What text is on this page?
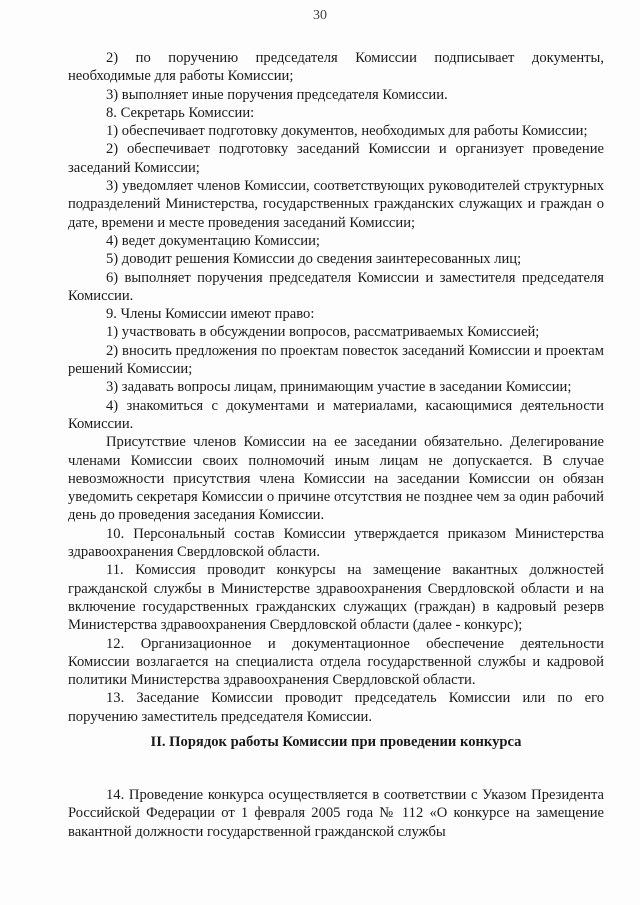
30

2) по поручению председателя Комиссии подписывает документы, необходимые для работы Комиссии;

3) выполняет иные поручения председателя Комиссии.

8. Секретарь Комиссии:

1) обеспечивает подготовку документов, необходимых для работы Комиссии;

2) обеспечивает подготовку заседаний Комиссии и организует проведение заседаний Комиссии;

3) уведомляет членов Комиссии, соответствующих руководителей структурных подразделений Министерства, государственных гражданских служащих и граждан о дате, времени и месте проведения заседаний Комиссии;

4) ведет документацию Комиссии;

5) доводит решения Комиссии до сведения заинтересованных лиц;

6) выполняет поручения председателя Комиссии и заместителя председателя Комиссии.

9. Члены Комиссии имеют право:

1) участвовать в обсуждении вопросов, рассматриваемых Комиссией;

2) вносить предложения по проектам повесток заседаний Комиссии и проектам решений Комиссии;

3) задавать вопросы лицам, принимающим участие в заседании Комиссии;

4) знакомиться с документами и материалами, касающимися деятельности Комиссии.

Присутствие членов Комиссии на ее заседании обязательно. Делегирование членами Комиссии своих полномочий иным лицам не допускается. В случае невозможности присутствия члена Комиссии на заседании Комиссии он обязан уведомить секретаря Комиссии о причине отсутствия не позднее чем за один рабочий день до проведения заседания Комиссии.

10. Персональный состав Комиссии утверждается приказом Министерства здравоохранения Свердловской области.

11. Комиссия проводит конкурсы на замещение вакантных должностей гражданской службы в Министерстве здравоохранения Свердловской области и на включение государственных гражданских служащих (граждан) в кадровый резерв Министерства здравоохранения Свердловской области (далее - конкурс);

12. Организационное и документационное обеспечение деятельности Комиссии возлагается на специалиста отдела государственной службы и кадровой политики Министерства здравоохранения Свердловской области.

13. Заседание Комиссии проводит председатель Комиссии или по его поручению заместитель председателя Комиссии.

II. Порядок работы Комиссии при проведении конкурса

14. Проведение конкурса осуществляется в соответствии с Указом Президента Российской Федерации от 1 февраля 2005 года № 112 «О конкурсе на замещение вакантной должности государственной гражданской службы
